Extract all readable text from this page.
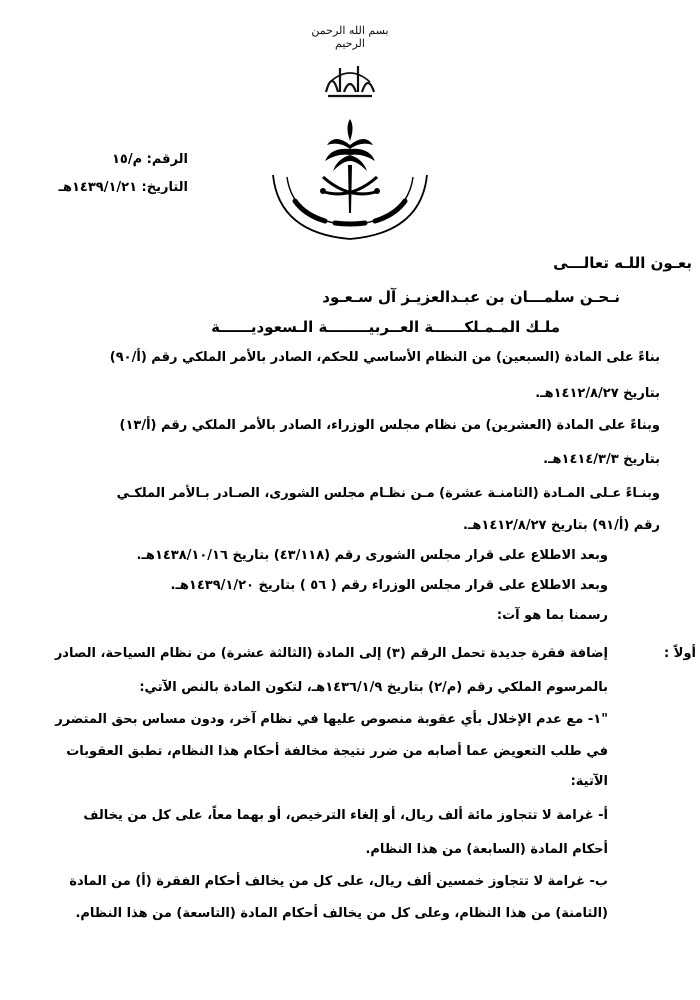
بسم الله الرحمن الرحيم
الرقم: م/١٥
التاريخ: ١٤٣٩/١/٢١هـ
بعـون اللـه تعالـــى
نـحـن سلمـــان بن عبـدالعزيـز آل سـعـود
ملـك المـمـلكــــــة العــربيــــــــة الـسعوديــــــة
بناءً على المادة (السبعين) من النظام الأساسي للحكم، الصادر بالأمر الملكي رقم (أ/٩٠)
بتاريخ ١٤١٢/٨/٢٧هـ.
وبناءً على المادة (العشرين) من نظام مجلس الوزراء، الصادر بالأمر الملكي رقم (أ/١٣)
بتاريخ ١٤١٤/٣/٣هـ.
وبنـاءً عـلى المـادة (الثامنـة عشرة) مـن نظـام مجلس الشورى، الصـادر بـالأمر الملكـي
رقم (أ/٩١) بتاريخ ١٤١٢/٨/٢٧هـ.
وبعد الاطلاع على قرار مجلس الشورى رقم (٤٣/١١٨) بتاريخ ١٤٣٨/١٠/١٦هـ.
وبعد الاطلاع على قرار مجلس الوزراء رقم ( ٥٦ ) بتاريخ ١٤٣٩/١/٢٠هـ.
رسمنا بما هو آت:
أولاً :
إضافة فقرة جديدة تحمل الرقم (٣) إلى المادة (الثالثة عشرة) من نظام السياحة، الصادر
بالمرسوم الملكي رقم (م/٢) بتاريخ ١٤٣٦/١/٩هـ، لتكون المادة بالنص الآتي:
"١- مع عدم الإخلال بأي عقوبة منصوص عليها في نظام آخر، ودون مساس بحق المتضرر
في طلب التعويض عما أصابه من ضرر نتيجة مخالفة أحكام هذا النظام، تطبق العقوبات
الآتية:
أ- غرامة لا تتجاوز مائة ألف ريال، أو إلغاء الترخيص، أو بهما معاً، على كل من يخالف
أحكام المادة (السابعة) من هذا النظام.
ب- غرامة لا تتجاوز خمسين ألف ريال، على كل من يخالف أحكام الفقرة (أ) من المادة
(الثامنة) من هذا النظام، وعلى كل من يخالف أحكام المادة (التاسعة) من هذا النظام.
